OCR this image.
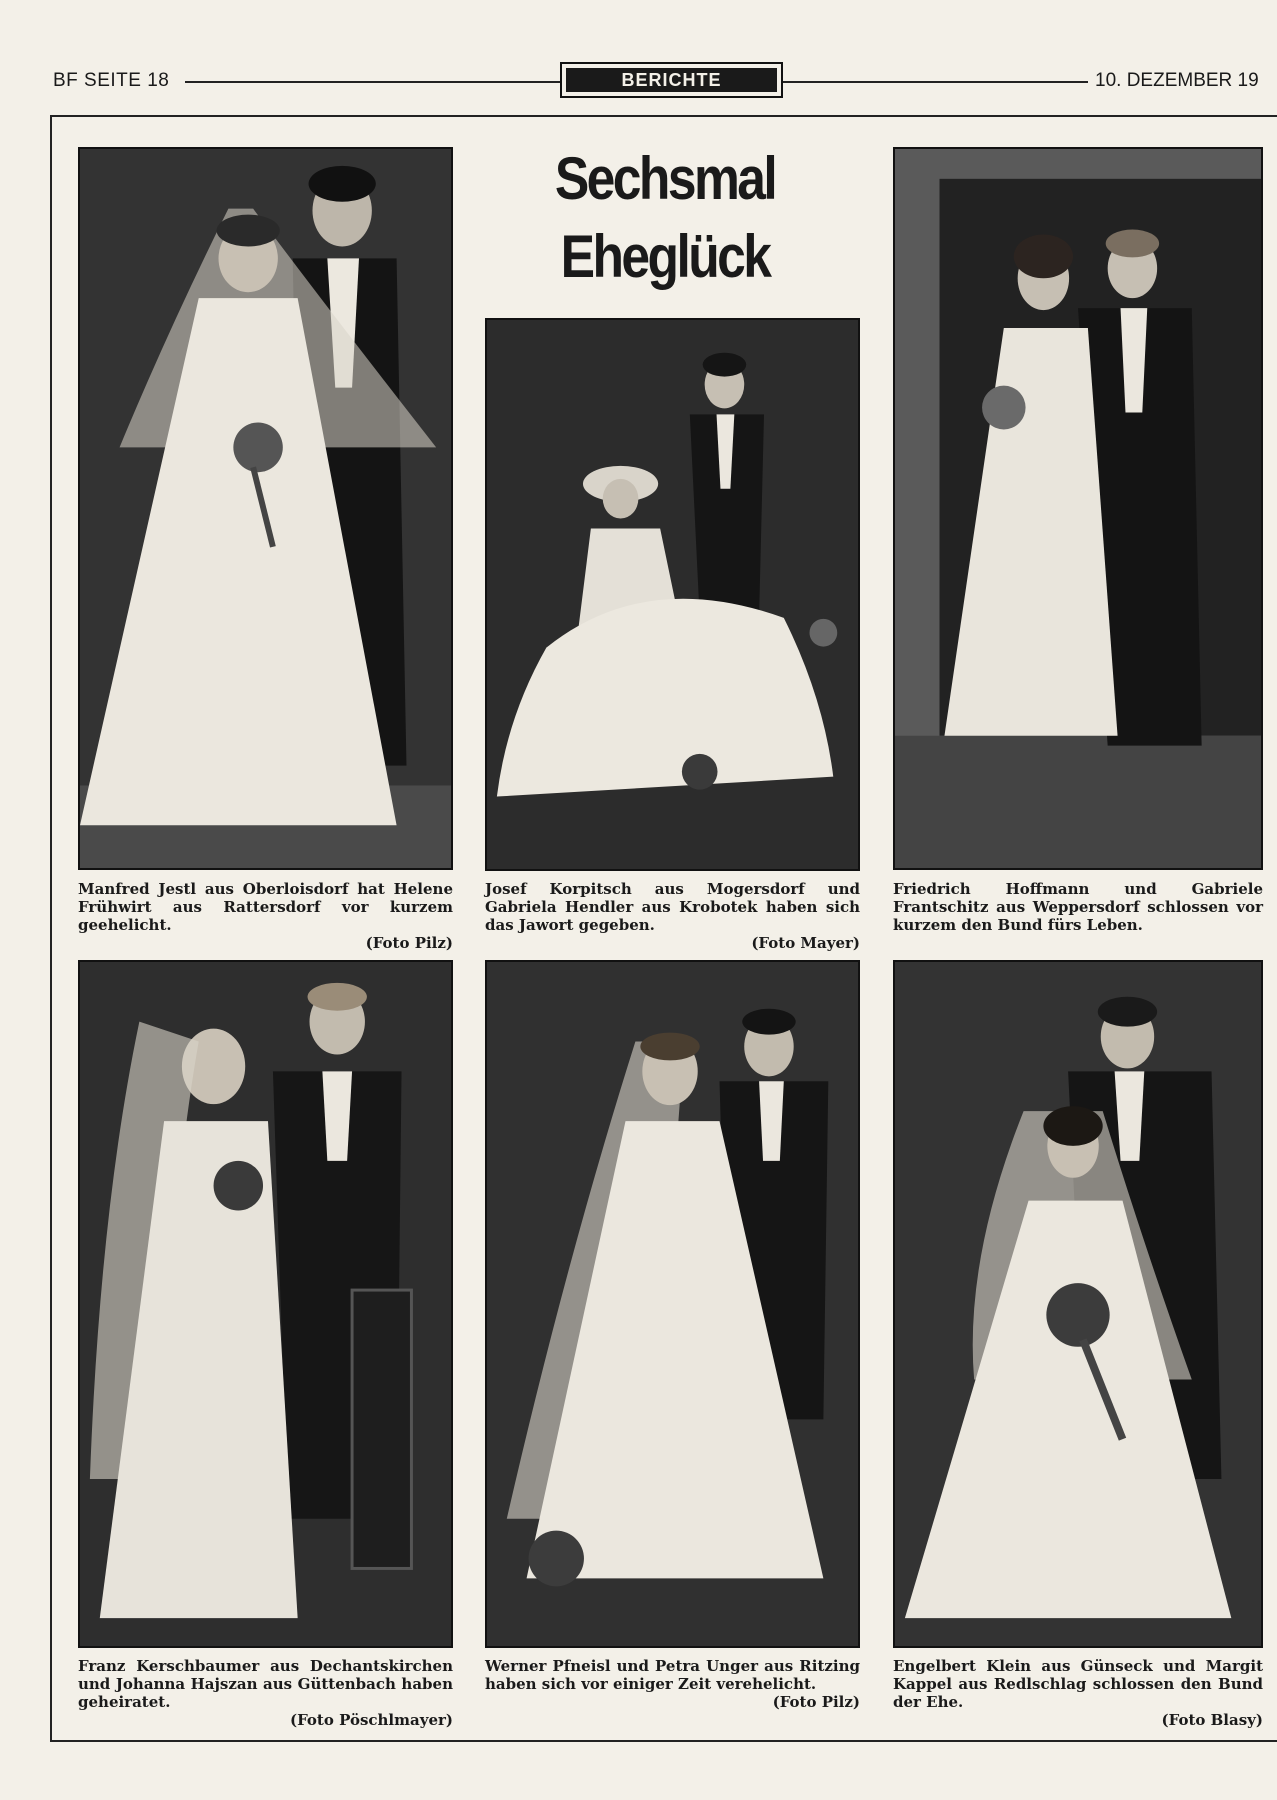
BF SEITE 18	BERICHTE	10. DEZEMBER 19
Sechsmal
Eheglück
Manfred Jestl aus Oberloisdorf hat Helene Frühwirt aus Rattersdorf vor kurzem geehelicht.
(Foto Pilz)
Josef Korpitsch aus Mogersdorf und Gabriela Hendler aus Krobotek haben sich das Jawort gegeben.
(Foto Mayer)
Friedrich Hoffmann und Gabriele Frantschitz aus Weppersdorf schlossen vor kurzem den Bund fürs Leben.
Franz Kerschbaumer aus Dechantskirchen und Johanna Hajszan aus Güttenbach haben geheiratet.
(Foto Pöschlmayer)
Werner Pfneisl und Petra Unger aus Ritzing haben sich vor einiger Zeit verehelicht.
(Foto Pilz)
Engelbert Klein aus Günseck und Margit Kappel aus Redlschlag schlossen den Bund der Ehe.
(Foto Blasy)
